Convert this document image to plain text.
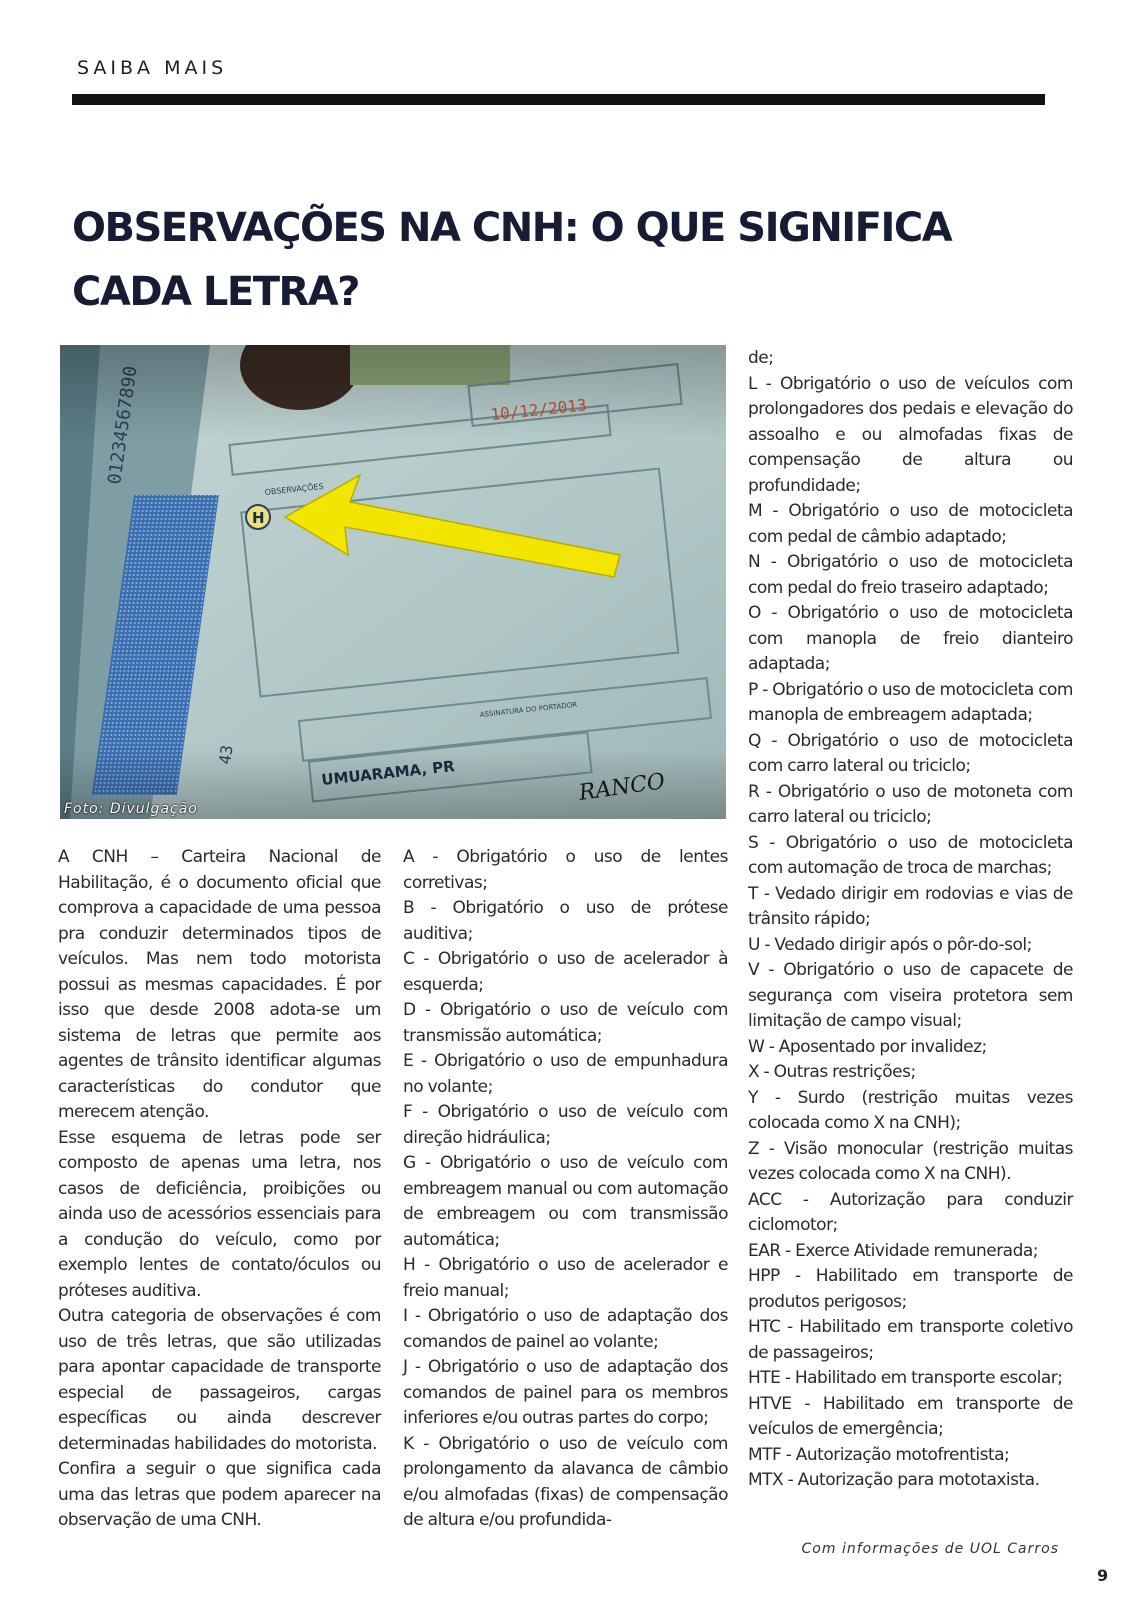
SAIBA MAIS
OBSERVAÇÕES NA CNH: O QUE SIGNIFICA CADA LETRA?
Foto: Divulgação

A CNH – Carteira Nacional de Habilitação, é o documento oficial que comprova a capacidade de uma pessoa pra conduzir determinados tipos de veículos. Mas nem todo motorista possui as mesmas capacidades. É por isso que desde 2008 adota-se um sistema de letras que permite aos agentes de trânsito identificar algumas características do condutor que merecem atenção.

Esse esquema de letras pode ser composto de apenas uma letra, nos casos de deficiência, proibições ou ainda uso de acessórios essenciais para a condução do veículo, como por exemplo lentes de contato/óculos ou próteses auditiva.

Outra categoria de observações é com uso de três letras, que são utilizadas para apontar capacidade de transporte especial de passageiros, cargas específicas ou ainda descrever determinadas habilidades do motorista.

Confira a seguir o que significa cada uma das letras que podem aparecer na observação de uma CNH.

A - Obrigatório o uso de lentes corretivas;

B - Obrigatório o uso de prótese auditiva;

C - Obrigatório o uso de acelerador à esquerda;

D - Obrigatório o uso de veículo com transmissão automática;

E - Obrigatório o uso de empunhadura no volante;

F - Obrigatório o uso de veículo com direção hidráulica;

G - Obrigatório o uso de veículo com embreagem manual ou com automação de embreagem ou com transmissão automática;

H - Obrigatório o uso de acelerador e freio manual;

I - Obrigatório o uso de adaptação dos comandos de painel ao volante;

J - Obrigatório o uso de adaptação dos comandos de painel para os membros inferiores e/ou outras partes do corpo;

K - Obrigatório o uso de veículo com prolongamento da alavanca de câmbio e/ou almofadas (fixas) de compensação de altura e/ou profundida-

de;

L - Obrigatório o uso de veículos com prolongadores dos pedais e elevação do assoalho e ou almofadas fixas de compensação de altura ou profundidade;

M - Obrigatório o uso de motocicleta com pedal de câmbio adaptado;

N - Obrigatório o uso de motocicleta com pedal do freio traseiro adaptado;

O - Obrigatório o uso de motocicleta com manopla de freio dianteiro adaptada;

P - Obrigatório o uso de motocicleta com manopla de embreagem adaptada;

Q - Obrigatório o uso de motocicleta com carro lateral ou triciclo;

R - Obrigatório o uso de motoneta com carro lateral ou triciclo;

S - Obrigatório o uso de motocicleta com automação de troca de marchas;

T - Vedado dirigir em rodovias e vias de trânsito rápido;

U - Vedado dirigir após o pôr-do-sol;

V - Obrigatório o uso de capacete de segurança com viseira protetora sem limitação de campo visual;

W - Aposentado por invalidez;

X - Outras restrições;

Y - Surdo (restrição muitas vezes colocada como X na CNH);

Z - Visão monocular (restrição muitas vezes colocada como X na CNH).

ACC - Autorização para conduzir ciclomotor;

EAR - Exerce Atividade remunerada;

HPP - Habilitado em transporte de produtos perigosos;

HTC - Habilitado em transporte coletivo de passageiros;

HTE - Habilitado em transporte escolar;

HTVE - Habilitado em transporte de veículos de emergência;

MTF - Autorização motofrentista;

MTX - Autorização para mototaxista.

Com informações de UOL Carros
9
